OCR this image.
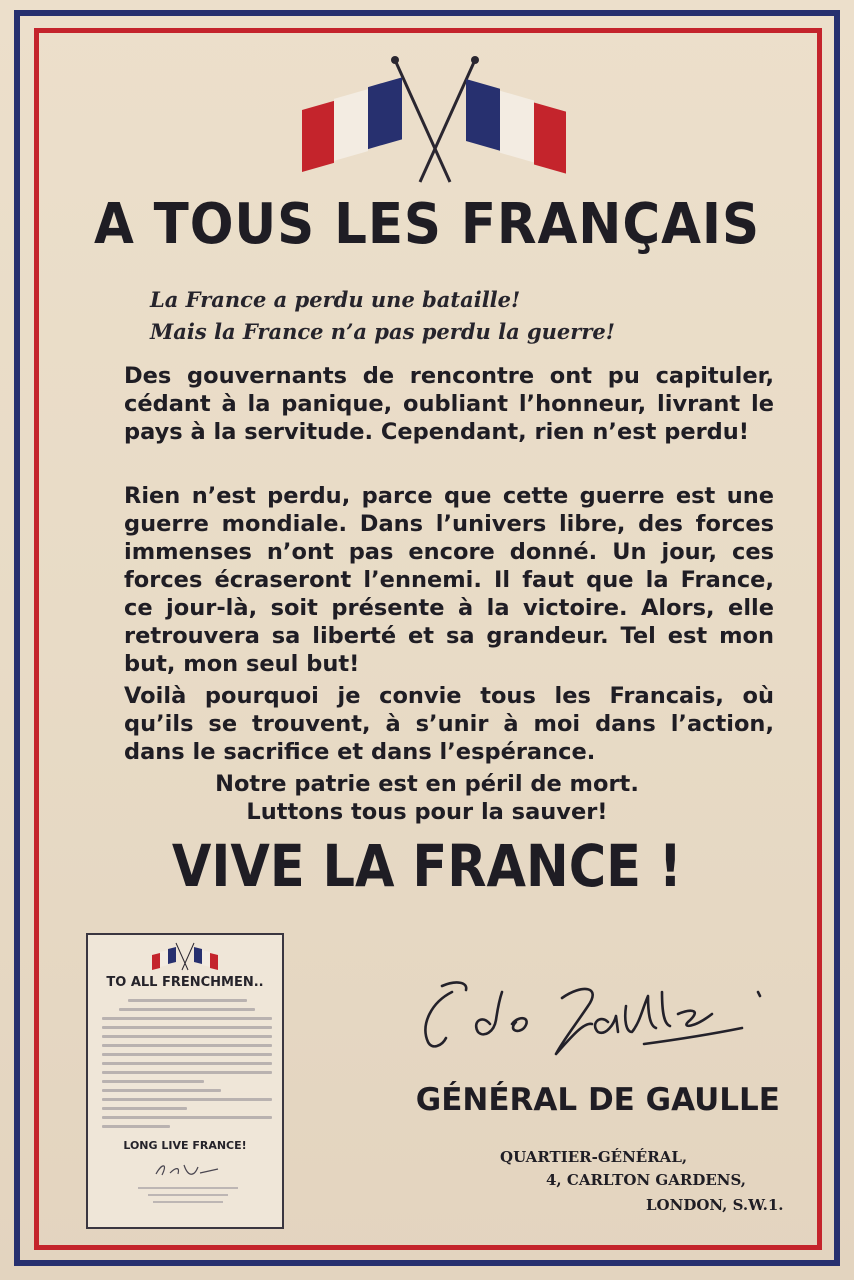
A TOUS LES FRANÇAIS
La France a perdu une bataille!
Mais la France n’a pas perdu la guerre!
Des gouvernants de rencontre ont pu capituler, cédant à la panique, oubliant l’honneur, livrant le pays à la servitude. Cependant, rien n’est perdu!
Rien n’est perdu, parce que cette guerre est une guerre mondiale. Dans l’univers libre, des forces immenses n’ont pas encore donné. Un jour, ces forces écraseront l’ennemi. Il faut que la France, ce jour-là, soit présente à la victoire. Alors, elle retrouvera sa liberté et sa grandeur. Tel est mon but, mon seul but!
Voilà pourquoi je convie tous les Francais, où qu’ils se trouvent, à s’unir à moi dans l’action, dans le sacrifice et dans l’espérance.
Notre patrie est en péril de mort.
Luttons tous pour la sauver!
VIVE LA FRANCE !
TO ALL FRENCHMEN..
LONG LIVE FRANCE!
GÉNÉRAL DE GAULLE
QUARTIER-GÉNÉRAL,
4, CARLTON GARDENS,
LONDON, S.W.1.
